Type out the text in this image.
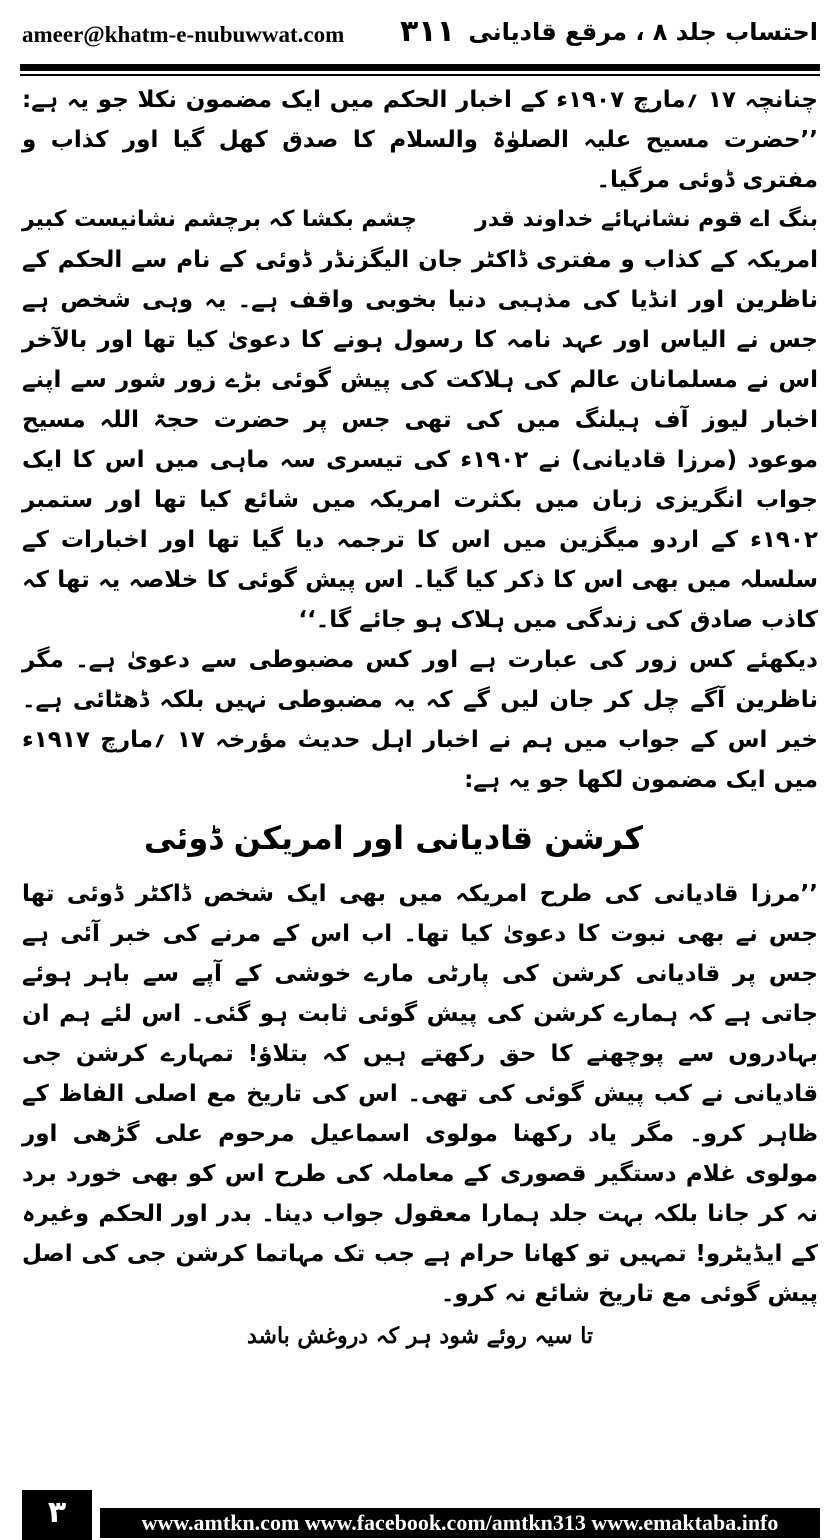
ameer@khatm-e-nubuwwat.com ۳۱۱ احتساب جلد ۸ ، مرقع قادیانی

چنانچہ ۱۷ ؍مارچ ۱۹۰۷ء کے اخبار الحکم میں ایک مضمون نکلا جو یہ ہے: ’’حضرت مسیح علیہ الصلوٰۃ والسلام کا صدق کھل گیا اور کذاب و مفتری ڈوئی مرگیا۔

بنگ اے قوم نشانہائے خداوند قدر
چشم بکشا کہ برچشم نشانیست کبیر

امریکہ کے کذاب و مفتری ڈاکٹر جان الیگزنڈر ڈوئی کے نام سے الحکم کے ناظرین اور انڈیا کی مذہبی دنیا بخوبی واقف ہے۔ یہ وہی شخص ہے جس نے الیاس اور عہد نامہ کا رسول ہونے کا دعویٰ کیا تھا اور بالآخر اس نے مسلمانان عالم کی ہلاکت کی پیش گوئی بڑے زور شور سے اپنے اخبار لیوز آف ہیلنگ میں کی تھی جس پر حضرت حجۃ اللہ مسیح موعود (مرزا قادیانی) نے ۱۹۰۲ء کی تیسری سہ ماہی میں اس کا ایک جواب انگریزی زبان میں بکثرت امریکہ میں شائع کیا تھا اور ستمبر ۱۹۰۲ء کے اردو میگزین میں اس کا ترجمہ دیا گیا تھا اور اخبارات کے سلسلہ میں بھی اس کا ذکر کیا گیا۔ اس پیش گوئی کا خلاصہ یہ تھا کہ کاذب صادق کی زندگی میں ہلاک ہو جائے گا۔‘‘

دیکھئے کس زور کی عبارت ہے اور کس مضبوطی سے دعویٰ ہے۔ مگر ناظرین آگے چل کر جان لیں گے کہ یہ مضبوطی نہیں بلکہ ڈھٹائی ہے۔ خیر اس کے جواب میں ہم نے اخبار اہل حدیث مؤرخہ ۱۷ ؍مارچ ۱۹۱۷ء میں ایک مضمون لکھا جو یہ ہے:

کرشن قادیانی اور امریکن ڈوئی

’’مرزا قادیانی کی طرح امریکہ میں بھی ایک شخص ڈاکٹر ڈوئی تھا جس نے بھی نبوت کا دعویٰ کیا تھا۔ اب اس کے مرنے کی خبر آئی ہے جس پر قادیانی کرشن کی پارٹی مارے خوشی کے آپے سے باہر ہوئے جاتی ہے کہ ہمارے کرشن کی پیش گوئی ثابت ہو گئی۔ اس لئے ہم ان بہادروں سے پوچھنے کا حق رکھتے ہیں کہ بتلاؤ! تمہارے کرشن جی قادیانی نے کب پیش گوئی کی تھی۔ اس کی تاریخ مع اصلی الفاظ کے ظاہر کرو۔ مگر یاد رکھنا مولوی اسماعیل مرحوم علی گڑھی اور مولوی غلام دستگیر قصوری کے معاملہ کی طرح اس کو بھی خورد برد نہ کر جانا بلکہ بہت جلد ہمارا معقول جواب دینا۔ بدر اور الحکم وغیرہ کے ایڈیٹرو! تمہیں تو کھانا حرام ہے جب تک مہاتما کرشن جی کی اصل پیش گوئی مع تاریخ شائع نہ کرو۔

تا سیہ روئے شود ہر کہ دروغش باشد
۳	www.amtkn.com www.facebook.com/amtkn313 www.emaktaba.info
